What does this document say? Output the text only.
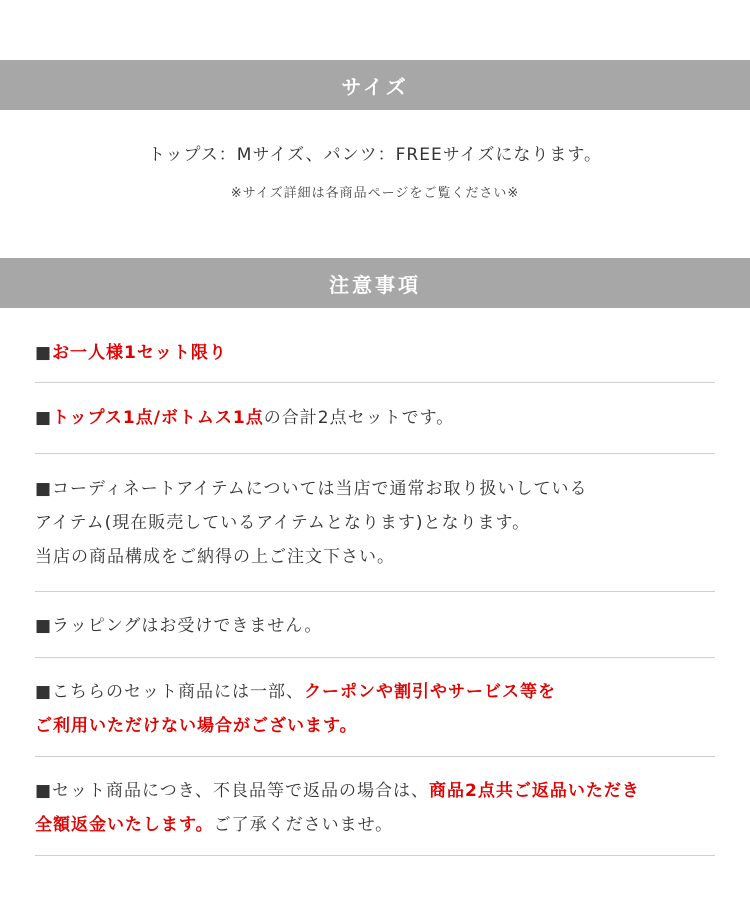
サイズ
トップス：Mサイズ、パンツ：FREEサイズになります。
※サイズ詳細は各商品ページをご覧ください※
注意事項
■お一人様1セット限り
■トップス1点/ボトムス1点の合計2点セットです。
■コーディネートアイテムについては当店で通常お取り扱いしている
アイテム(現在販売しているアイテムとなります)となります。
当店の商品構成をご納得の上ご注文下さい。
■ラッピングはお受けできません。
■こちらのセット商品には一部、クーポンや割引やサービス等を
ご利用いただけない場合がございます。
■セット商品につき、不良品等で返品の場合は、商品2点共ご返品いただき
全額返金いたします。ご了承くださいませ。
